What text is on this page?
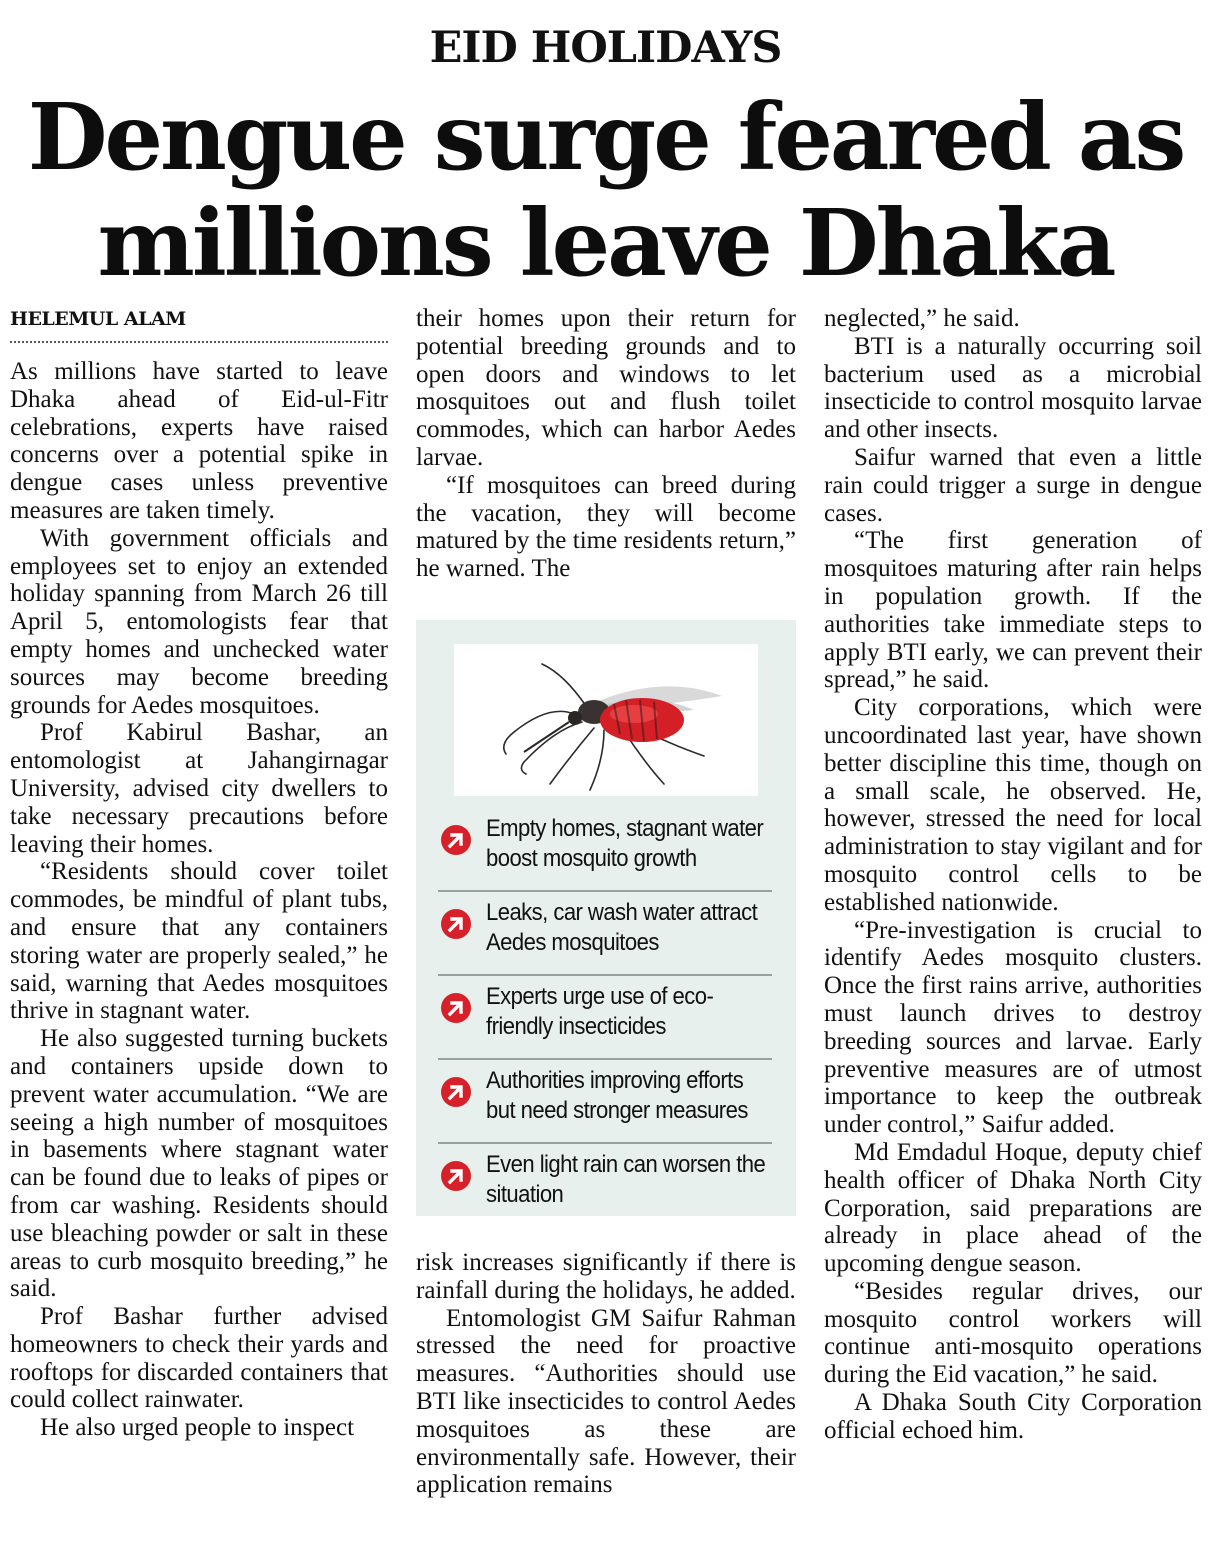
EID HOLIDAYS
Dengue surge feared as
millions leave Dhaka
HELEMUL ALAM

As millions have started to leave Dhaka ahead of Eid-ul-Fitr celebrations, experts have raised concerns over a potential spike in dengue cases unless preventive measures are taken timely.

With government officials and employees set to enjoy an extended holiday spanning from March 26 till April 5, entomologists fear that empty homes and unchecked water sources may become breeding grounds for Aedes mosquitoes.

Prof Kabirul Bashar, an entomologist at Jahangirnagar University, advised city dwellers to take necessary precautions before leaving their homes.

“Residents should cover toilet commodes, be mindful of plant tubs, and ensure that any containers storing water are properly sealed,” he said, warning that Aedes mosquitoes thrive in stagnant water.

He also suggested turning buckets and containers upside down to prevent water accumulation. “We are seeing a high number of mosquitoes in basements where stagnant water can be found due to leaks of pipes or from car washing. Residents should use bleaching powder or salt in these areas to curb mosquito breeding,” he said.

Prof Bashar further advised homeowners to check their yards and rooftops for discarded containers that could collect rainwater.

He also urged people to inspect

their homes upon their return for potential breeding grounds and to open doors and windows to let mosquitoes out and flush toilet commodes, which can harbor Aedes larvae.

“If mosquitoes can breed during the vacation, they will become matured by the time residents return,” he warned. The

Empty homes, stagnant water
boost mosquito growth
Leaks, car wash water attract
Aedes mosquitoes
Experts urge use of eco-
friendly insecticides
Authorities improving efforts
but need stronger measures
Even light rain can worsen the
situation

risk increases significantly if there is rainfall during the holidays, he added.

Entomologist GM Saifur Rahman stressed the need for proactive measures. “Authorities should use BTI like insecticides to control Aedes mosquitoes as these are environmentally safe. However, their application remains

neglected,” he said.

BTI is a naturally occurring soil bacterium used as a microbial insecticide to control mosquito larvae and other insects.

Saifur warned that even a little rain could trigger a surge in dengue cases.

“The first generation of mosquitoes maturing after rain helps in population growth. If the authorities take immediate steps to apply BTI early, we can prevent their spread,” he said.

City corporations, which were uncoordinated last year, have shown better discipline this time, though on a small scale, he observed. He, however, stressed the need for local administration to stay vigilant and for mosquito control cells to be established nationwide.

“Pre-investigation is crucial to identify Aedes mosquito clusters. Once the first rains arrive, authorities must launch drives to destroy breeding sources and larvae. Early preventive measures are of utmost importance to keep the outbreak under control,” Saifur added.

Md Emdadul Hoque, deputy chief health officer of Dhaka North City Corporation, said preparations are already in place ahead of the upcoming dengue season.

“Besides regular drives, our mosquito control workers will continue anti-mosquito operations during the Eid vacation,” he said.

A Dhaka South City Corporation official echoed him.
